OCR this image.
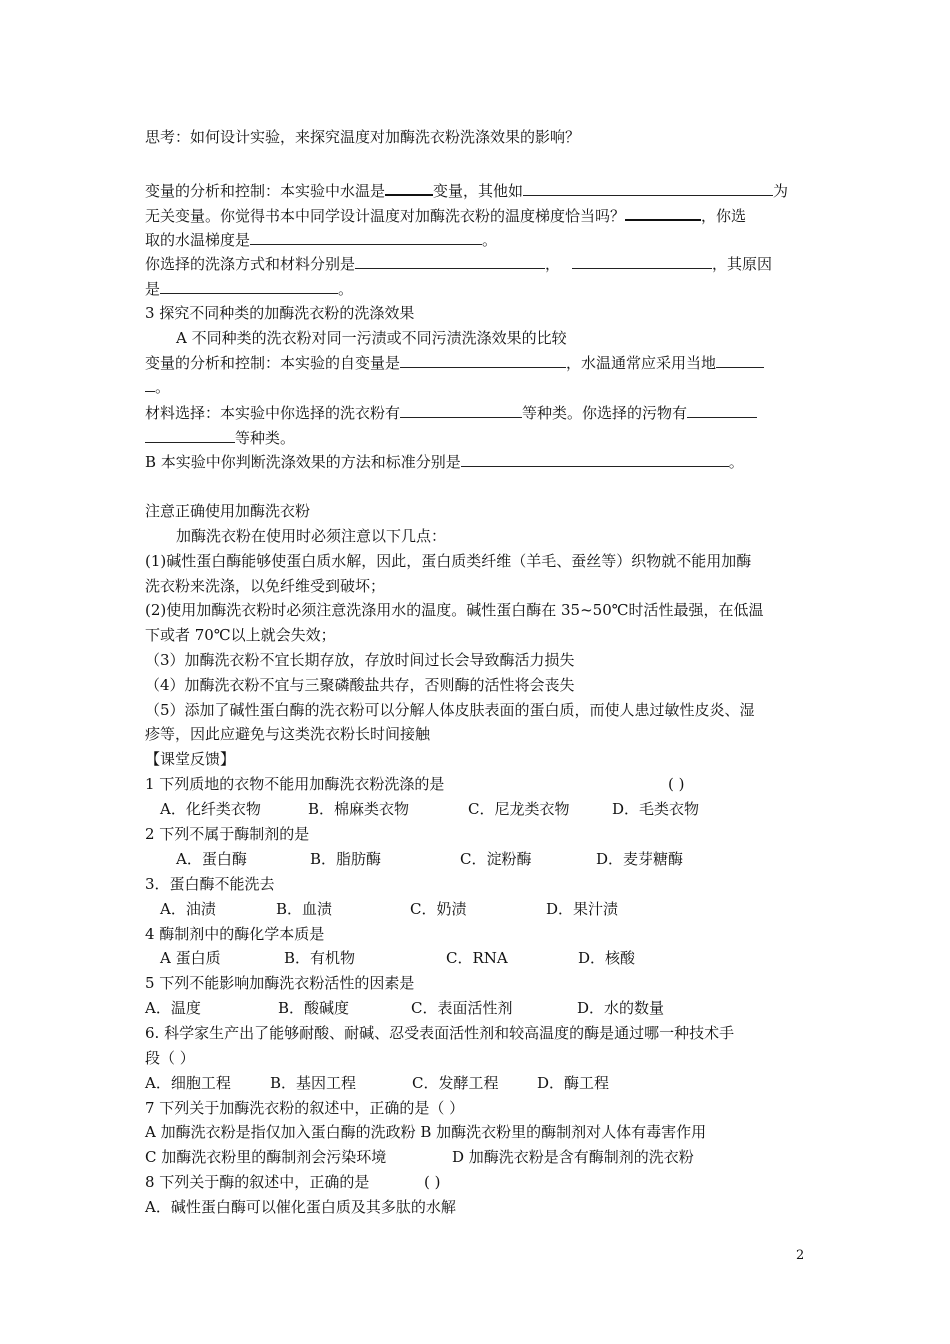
思考：如何设计实验，来探究温度对加酶洗衣粉洗涤效果的影响？
变量的分析和控制：本实验中水温是	变量，其他如	为
无关变量。你觉得书本中同学设计温度对加酶洗衣粉的温度梯度恰当吗？	，你选
取的水温梯度是	。
你选择的洗涤方式和材料分别是	，	，其原因
是	。
3 探究不同种类的加酶洗衣粉的洗涤效果
A 不同种类的洗衣粉对同一污渍或不同污渍洗涤效果的比较
变量的分析和控制：本实验的自变量是	，水温通常应采用当地
。
材料选择：本实验中你选择的洗衣粉有	等种类。你选择的污物有
等种类。
B 本实验中你判断洗涤效果的方法和标准分别是	。
注意正确使用加酶洗衣粉
加酶洗衣粉在使用时必须注意以下几点：
(1)碱性蛋白酶能够使蛋白质水解，因此，蛋白质类纤维（羊毛、蚕丝等）织物就不能用加酶
洗衣粉来洗涤，以免纤维受到破坏；
(2)使用加酶洗衣粉时必须注意洗涤用水的温度。碱性蛋白酶在 35~50℃时活性最强，在低温
下或者 70℃以上就会失效；
（3）加酶洗衣粉不宜长期存放，存放时间过长会导致酶活力损失
（4）加酶洗衣粉不宜与三聚磷酸盐共存，否则酶的活性将会丧失
（5）添加了碱性蛋白酶的洗衣粉可以分解人体皮肤表面的蛋白质，而使人患过敏性皮炎、湿
疹等，因此应避免与这类洗衣粉长时间接触
【课堂反馈】
1 下列质地的衣物不能用加酶洗衣粉洗涤的是	( )
A．化纤类衣物	B．棉麻类衣物	C．尼龙类衣物	D．毛类衣物
2 下列不属于酶制剂的是
A．蛋白酶	B．脂肪酶	C．淀粉酶	D．麦芽糖酶
3．蛋白酶不能洗去
A．油渍	B．血渍	C．奶渍	D．果汁渍
4 酶制剂中的酶化学本质是
A 蛋白质	B．有机物	C．RNA	D．核酸
5 下列不能影响加酶洗衣粉活性的因素是
A．温度	B．酸碱度	C．表面活性剂	D．水的数量
6. 科学家生产出了能够耐酸、耐碱、忍受表面活性剂和较高温度的酶是通过哪一种技术手
段（ ）
A．细胞工程	B．基因工程	C．发酵工程	D．酶工程
7 下列关于加酶洗衣粉的叙述中，正确的是（ ）
A 加酶洗衣粉是指仅加入蛋白酶的洗政粉 B 加酶洗衣粉里的酶制剂对人体有毒害作用
C 加酶洗衣粉里的酶制剂会污染环境	D 加酶洗衣粉是含有酶制剂的洗衣粉
8 下列关于酶的叙述中，正确的是	( )
A．碱性蛋白酶可以催化蛋白质及其多肽的水解
2
